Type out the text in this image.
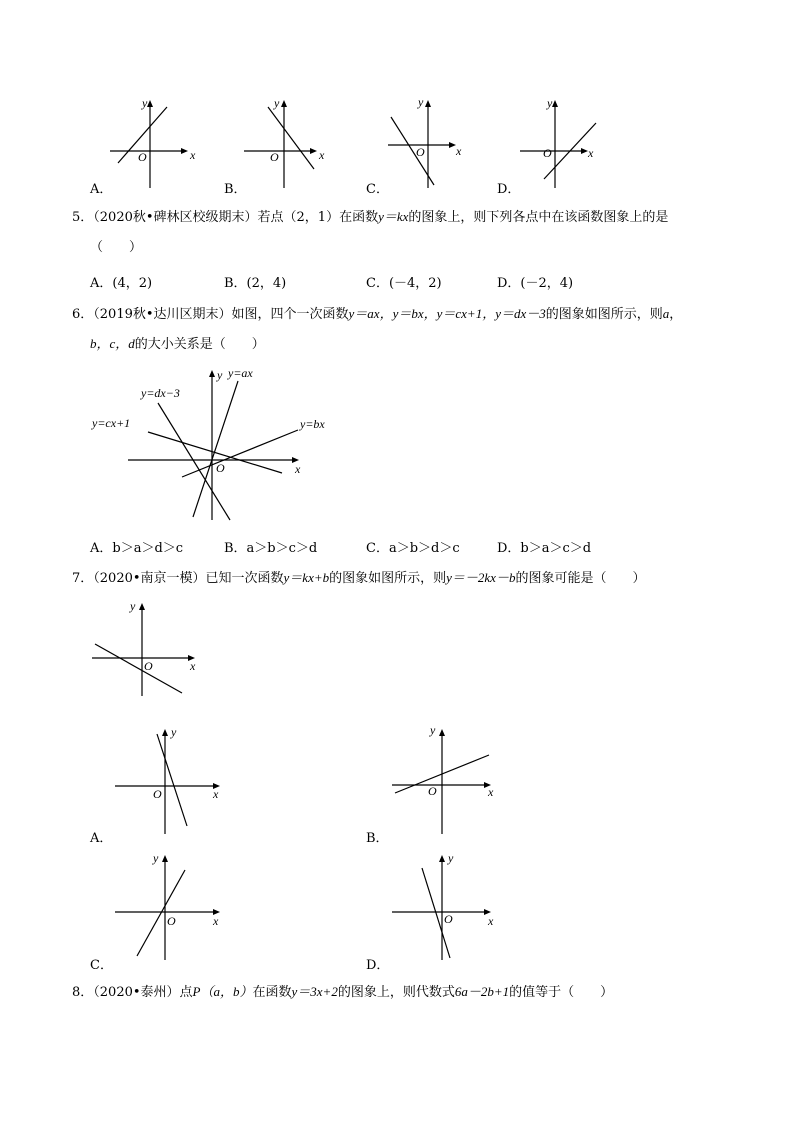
O	x
y
O	x
y
O	x
y
O	x
y
A．	B．	C．	D．
5．（2020秋•碑林区校级期末）若点（2，1）在函数y＝kx的图象上，则下列各点中在该函数图象上的是
（　　）
A．(4，2)	B．(2，4)	C．(－4，2)	D．(－2，4)
6．（2019秋•达川区期末）如图，四个一次函数y＝ax，y＝bx，y＝cx+1，y＝dx－3的图象如图所示，则a，
b，c，d的大小关系是（　　）
O	x
y y=ax
y=dx−3
y=cx+1	y=bx
A．b＞a＞d＞c	B．a＞b＞c＞d	C．a＞b＞d＞c	D．b＞a＞c＞d
7．（2020•南京一模）已知一次函数y＝kx+b的图象如图所示，则y＝－2kx－b的图象可能是（　　）
O	x
y
O	x
y
A．
O	x
y
B．
O	x
y
C．
O	x
y
D．
8．（2020•泰州）点P（a，b）在函数y＝3x+2的图象上，则代数式6a－2b+1的值等于（　　）
